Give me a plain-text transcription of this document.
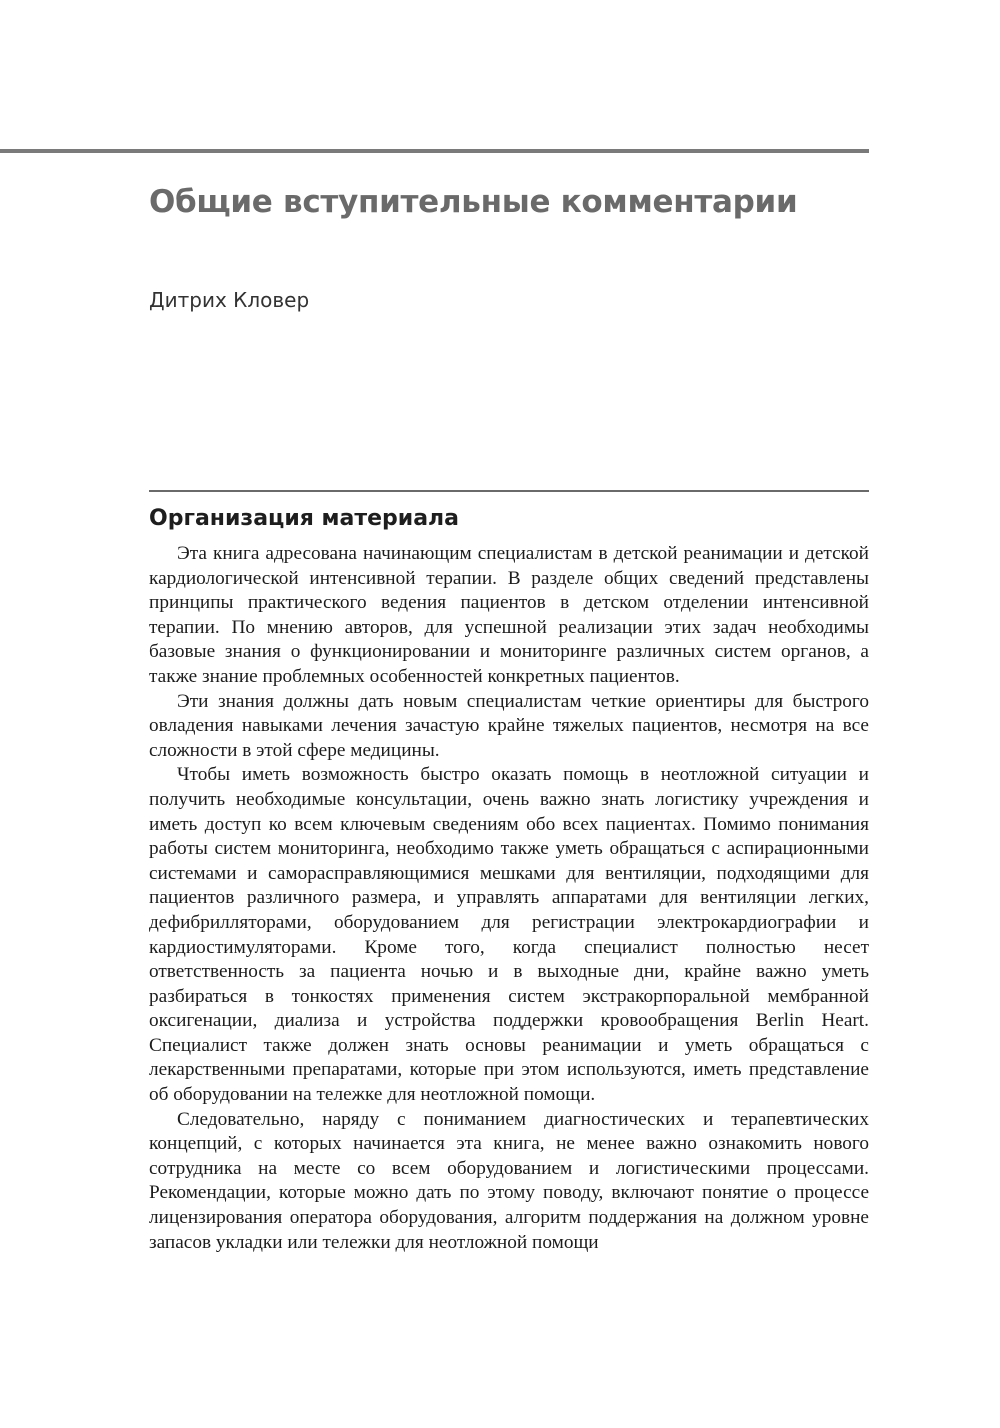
Общие вступительные комментарии

Дитрих Кловер

Организация материала

Эта книга адресована начинающим специалистам в детской реанимации и детской кардиологической интенсивной терапии. В разделе общих сведений представлены принципы практического ведения пациентов в детском отделении интенсивной терапии. По мнению авторов, для успешной реализации этих задач необходимы базовые знания о функционировании и мониторинге различных систем органов, а также знание проблемных особенностей конкретных пациентов.

Эти знания должны дать новым специалистам четкие ориентиры для быстрого овладения навыками лечения зачастую крайне тяжелых пациентов, несмотря на все сложности в этой сфере медицины.

Чтобы иметь возможность быстро оказать помощь в неотложной ситуации и получить необходимые консультации, очень важно знать логистику учреждения и иметь доступ ко всем ключевым сведениям обо всех пациентах. Помимо понимания работы систем мониторинга, необходимо также уметь обращаться с аспирационными системами и саморасправляющимися мешками для вентиляции, подходящими для пациентов различного размера, и управлять аппаратами для вентиляции легких, дефибрилляторами, оборудованием для регистрации электрокардиографии и кардиостимуляторами. Кроме того, когда специалист полностью несет ответственность за пациента ночью и в выходные дни, крайне важно уметь разбираться в тонкостях применения систем экстракорпоральной мембранной оксигенации, диализа и устройства поддержки кровообращения Berlin Heart. Специалист также должен знать основы реанимации и уметь обращаться с лекарственными препаратами, которые при этом используются, иметь представление об оборудовании на тележке для неотложной помощи.

Следовательно, наряду с пониманием диагностических и терапевтических концепций, с которых начинается эта книга, не менее важно ознакомить нового сотрудника на месте со всем оборудованием и логистическими процессами. Рекомендации, которые можно дать по этому поводу, включают понятие о процессе лицензирования оператора оборудования, алгоритм поддержания на должном уровне запасов укладки или тележки для неотложной помощи
